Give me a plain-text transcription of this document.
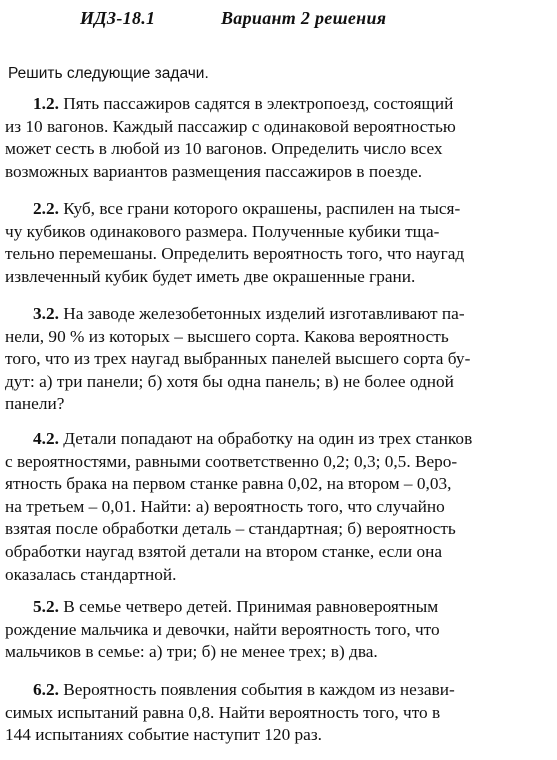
ИДЗ-18.1	Вариант 2 решения
Решить следующие задачи.
1.2. Пять пассажиров садятся в электропоезд, состоящий
из 10 вагонов. Каждый пассажир с одинаковой вероятностью
может сесть в любой из 10 вагонов. Определить число всех
возможных вариантов размещения пассажиров в поезде.
2.2. Куб, все грани которого окрашены, распилен на тыся-
чу кубиков одинакового размера. Полученные кубики тща-
тельно перемешаны. Определить вероятность того, что наугад
извлеченный кубик будет иметь две окрашенные грани.
3.2. На заводе железобетонных изделий изготавливают па-
нели, 90 % из которых – высшего сорта. Какова вероятность
того, что из трех наугад выбранных панелей высшего сорта бу-
дут: а) три панели; б) хотя бы одна панель; в) не более одной
панели?
4.2. Детали попадают на обработку на один из трех станков
с вероятностями, равными соответственно 0,2; 0,3; 0,5. Веро-
ятность брака на первом станке равна 0,02, на втором – 0,03,
на третьем – 0,01. Найти: а) вероятность того, что случайно
взятая после обработки деталь – стандартная; б) вероятность
обработки наугад взятой детали на втором станке, если она
оказалась стандартной.
5.2. В семье четверо детей. Принимая равновероятным
рождение мальчика и девочки, найти вероятность того, что
мальчиков в семье: а) три; б) не менее трех; в) два.
6.2. Вероятность появления события в каждом из незави-
симых испытаний равна 0,8. Найти вероятность того, что в
144 испытаниях событие наступит 120 раз.
